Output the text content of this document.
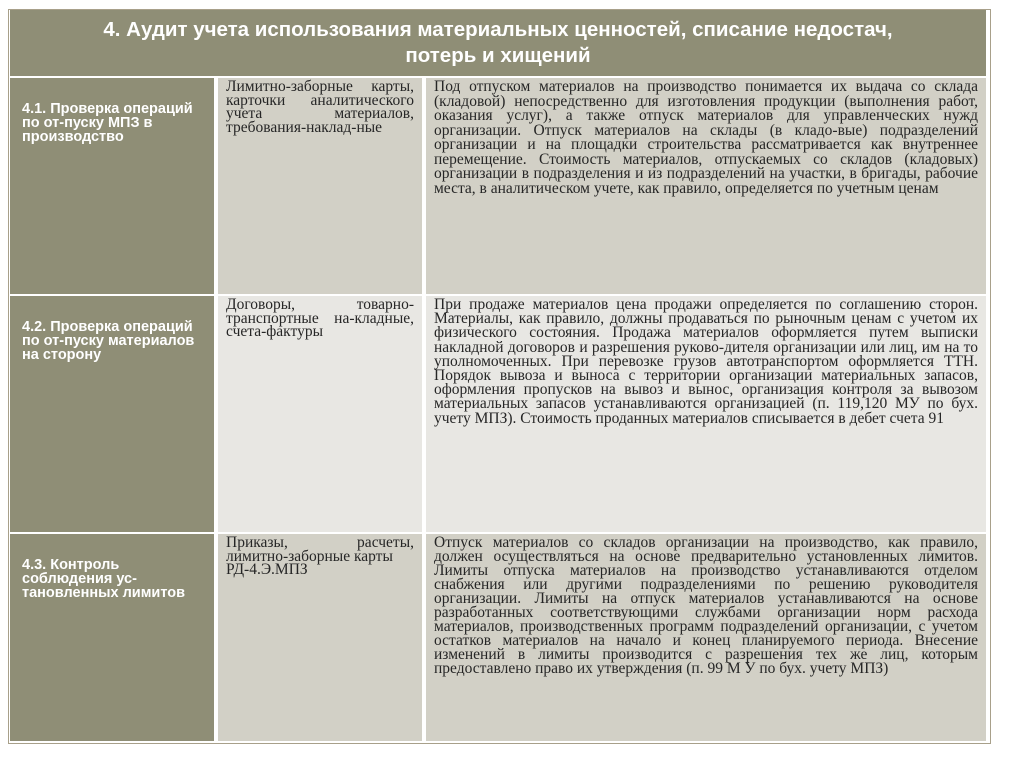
4. Аудит учета использования материальных ценностей, списание недостач,
потерь и хищений
4.1. Проверка операций по от-пуску МПЗ в производство
Лимитно-заборные карты, карточки аналитического учета материалов, требования-наклад-ные
Под отпуском материалов на производство понимается их выдача со склада (кладовой) непосредственно для изготовления продукции (выполнения работ, оказания услуг), а также отпуск материалов для управленческих нужд организации. Отпуск материалов на склады (в кладо-вые) подразделений организации и на площадки строительства рассматривается как внутреннее перемещение. Стоимость материалов, отпускаемых со складов (кладовых) организации в подразделения и из подразделений на участки, в бригады, рабочие места, в аналитическом учете, как правило, определяется по учетным ценам
4.2. Проверка операций по от-пуску материалов на сторону
Договоры, товарно-транспортные на-кладные, счета-фактуры
При продаже материалов цена продажи определяется по соглашению сторон. Материалы, как правило, должны продаваться по рыночным ценам с учетом их физического состояния. Продажа материалов оформляется путем выписки накладной договоров и разрешения руково-дителя организации или лиц, им на то уполномоченных. При перевозке грузов автотранспортом оформляется ТТН. Порядок вывоза и выноса с территории организации материальных запасов, оформления пропусков на вывоз и вынос, организация контроля за вывозом материальных запасов устанавливаются организацией (п. 119,120 МУ по бух. учету МПЗ). Стоимость проданных материалов списывается в дебет счета 91
4.3. Контроль соблюдения ус-тановленных лимитов
Приказы, расчеты, лимитно-заборные карты
РД-4.Э.МПЗ
Отпуск материалов со складов организации на производство, как правило, должен осуществляться на основе предварительно установленных лимитов. Лимиты отпуска материалов на производство устанавливаются отделом снабжения или другими подразделениями по решению руководителя организации. Лимиты на отпуск материалов устанавливаются на основе разработанных соответствующими службами организации норм расхода материалов, производственных программ подразделений организации, с учетом остатков материалов на начало и конец планируемого периода. Внесение изменений в лимиты производится с разрешения тех же лиц, которым предоставлено право их утверждения (п. 99 М У по бух. учету МПЗ)
